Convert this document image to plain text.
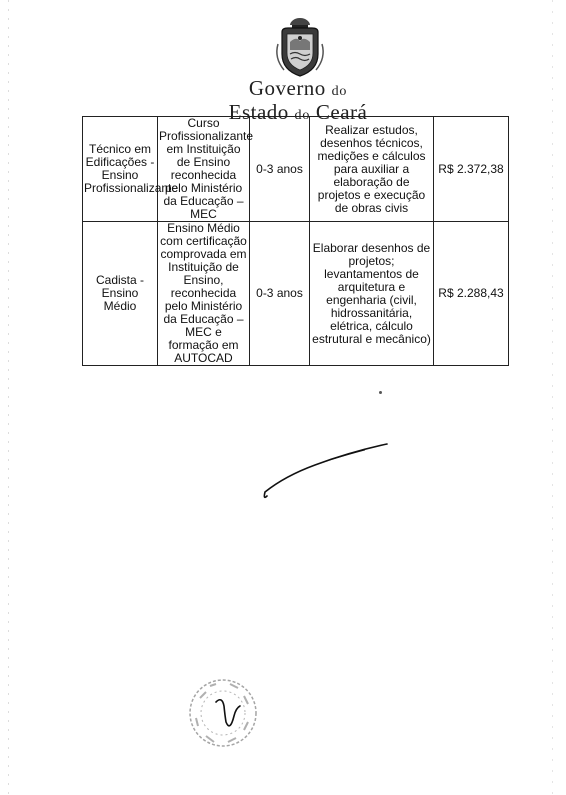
Governo do
Estado do Ceará
Técnico em Edificações - Ensino Profissionalizante	Curso Profissionalizante em Instituição de Ensino reconhecida pelo Ministério da Educação – MEC	0-3 anos	Realizar estudos, desenhos técnicos, medições e cálculos para auxiliar a elaboração de projetos e execução de obras civis	R$ 2.372,38
Cadista - Ensino Médio	Ensino Médio com certificação comprovada em Instituição de Ensino, reconhecida pelo Ministério da Educação – MEC e formação em AUTOCAD	0-3 anos	Elaborar desenhos de projetos; levantamentos de arquitetura e engenharia (civil, hidrossanitária, elétrica, cálculo estrutural e mecânico)	R$ 2.288,43
